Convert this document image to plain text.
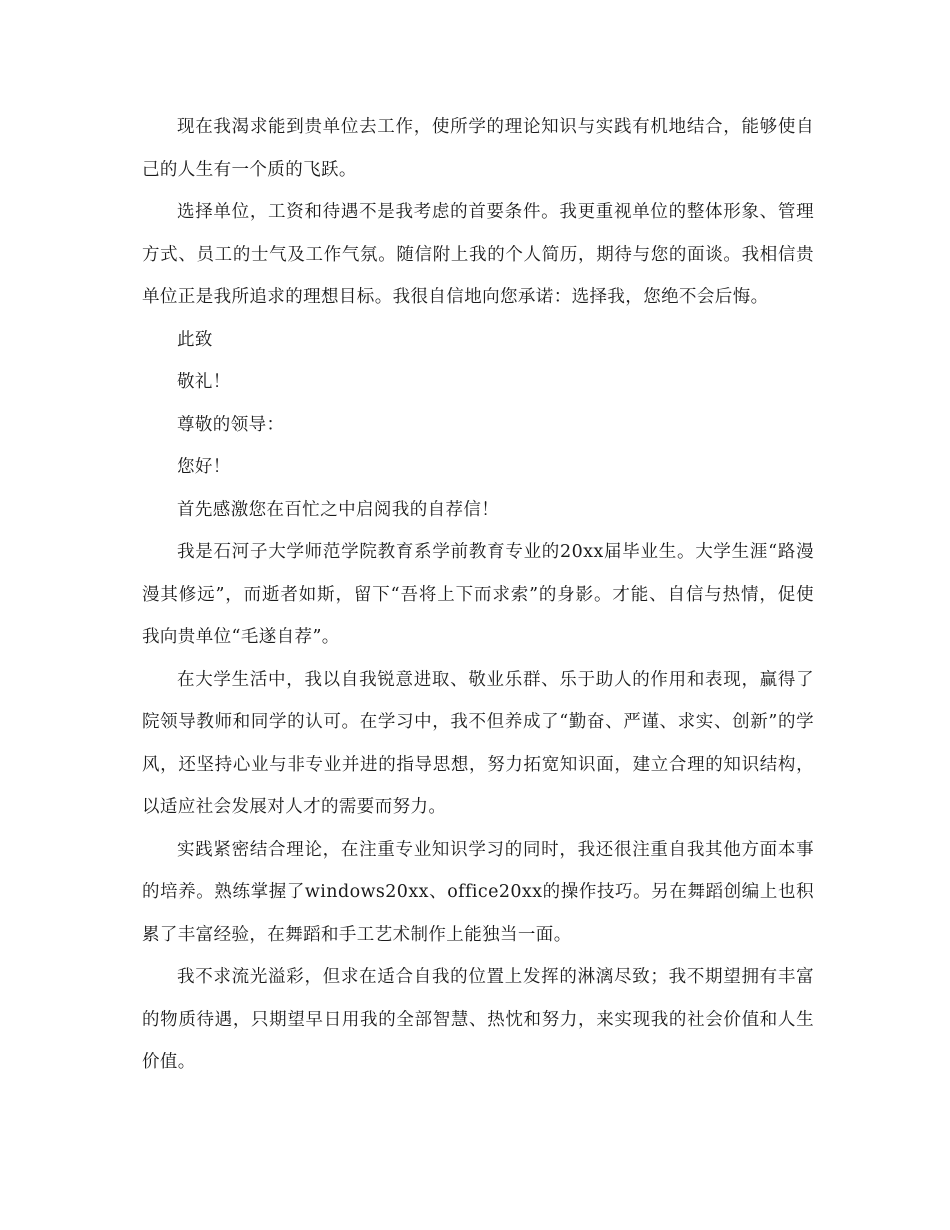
现在我渴求能到贵单位去工作，使所学的理论知识与实践有机地结合，能够使自己的人生有一个质的飞跃。

选择单位，工资和待遇不是我考虑的首要条件。我更重视单位的整体形象、管理方式、员工的士气及工作气氛。随信附上我的个人简历，期待与您的面谈。我相信贵单位正是我所追求的理想目标。我很自信地向您承诺：选择我，您绝不会后悔。

此致

敬礼！

尊敬的领导：

您好！

首先感激您在百忙之中启阅我的自荐信！

我是石河子大学师范学院教育系学前教育专业的20xx届毕业生。大学生涯“路漫漫其修远”，而逝者如斯，留下“吾将上下而求索”的身影。才能、自信与热情，促使我向贵单位“毛遂自荐”。

在大学生活中，我以自我锐意进取、敬业乐群、乐于助人的作用和表现，赢得了院领导教师和同学的认可。在学习中，我不但养成了“勤奋、严谨、求实、创新”的学风，还坚持心业与非专业并进的指导思想，努力拓宽知识面，建立合理的知识结构，以适应社会发展对人才的需要而努力。

实践紧密结合理论，在注重专业知识学习的同时，我还很注重自我其他方面本事的培养。熟练掌握了windows20xx、office20xx的操作技巧。另在舞蹈创编上也积累了丰富经验，在舞蹈和手工艺术制作上能独当一面。

我不求流光溢彩，但求在适合自我的位置上发挥的淋漓尽致；我不期望拥有丰富的物质待遇，只期望早日用我的全部智慧、热忱和努力，来实现我的社会价值和人生价值。
